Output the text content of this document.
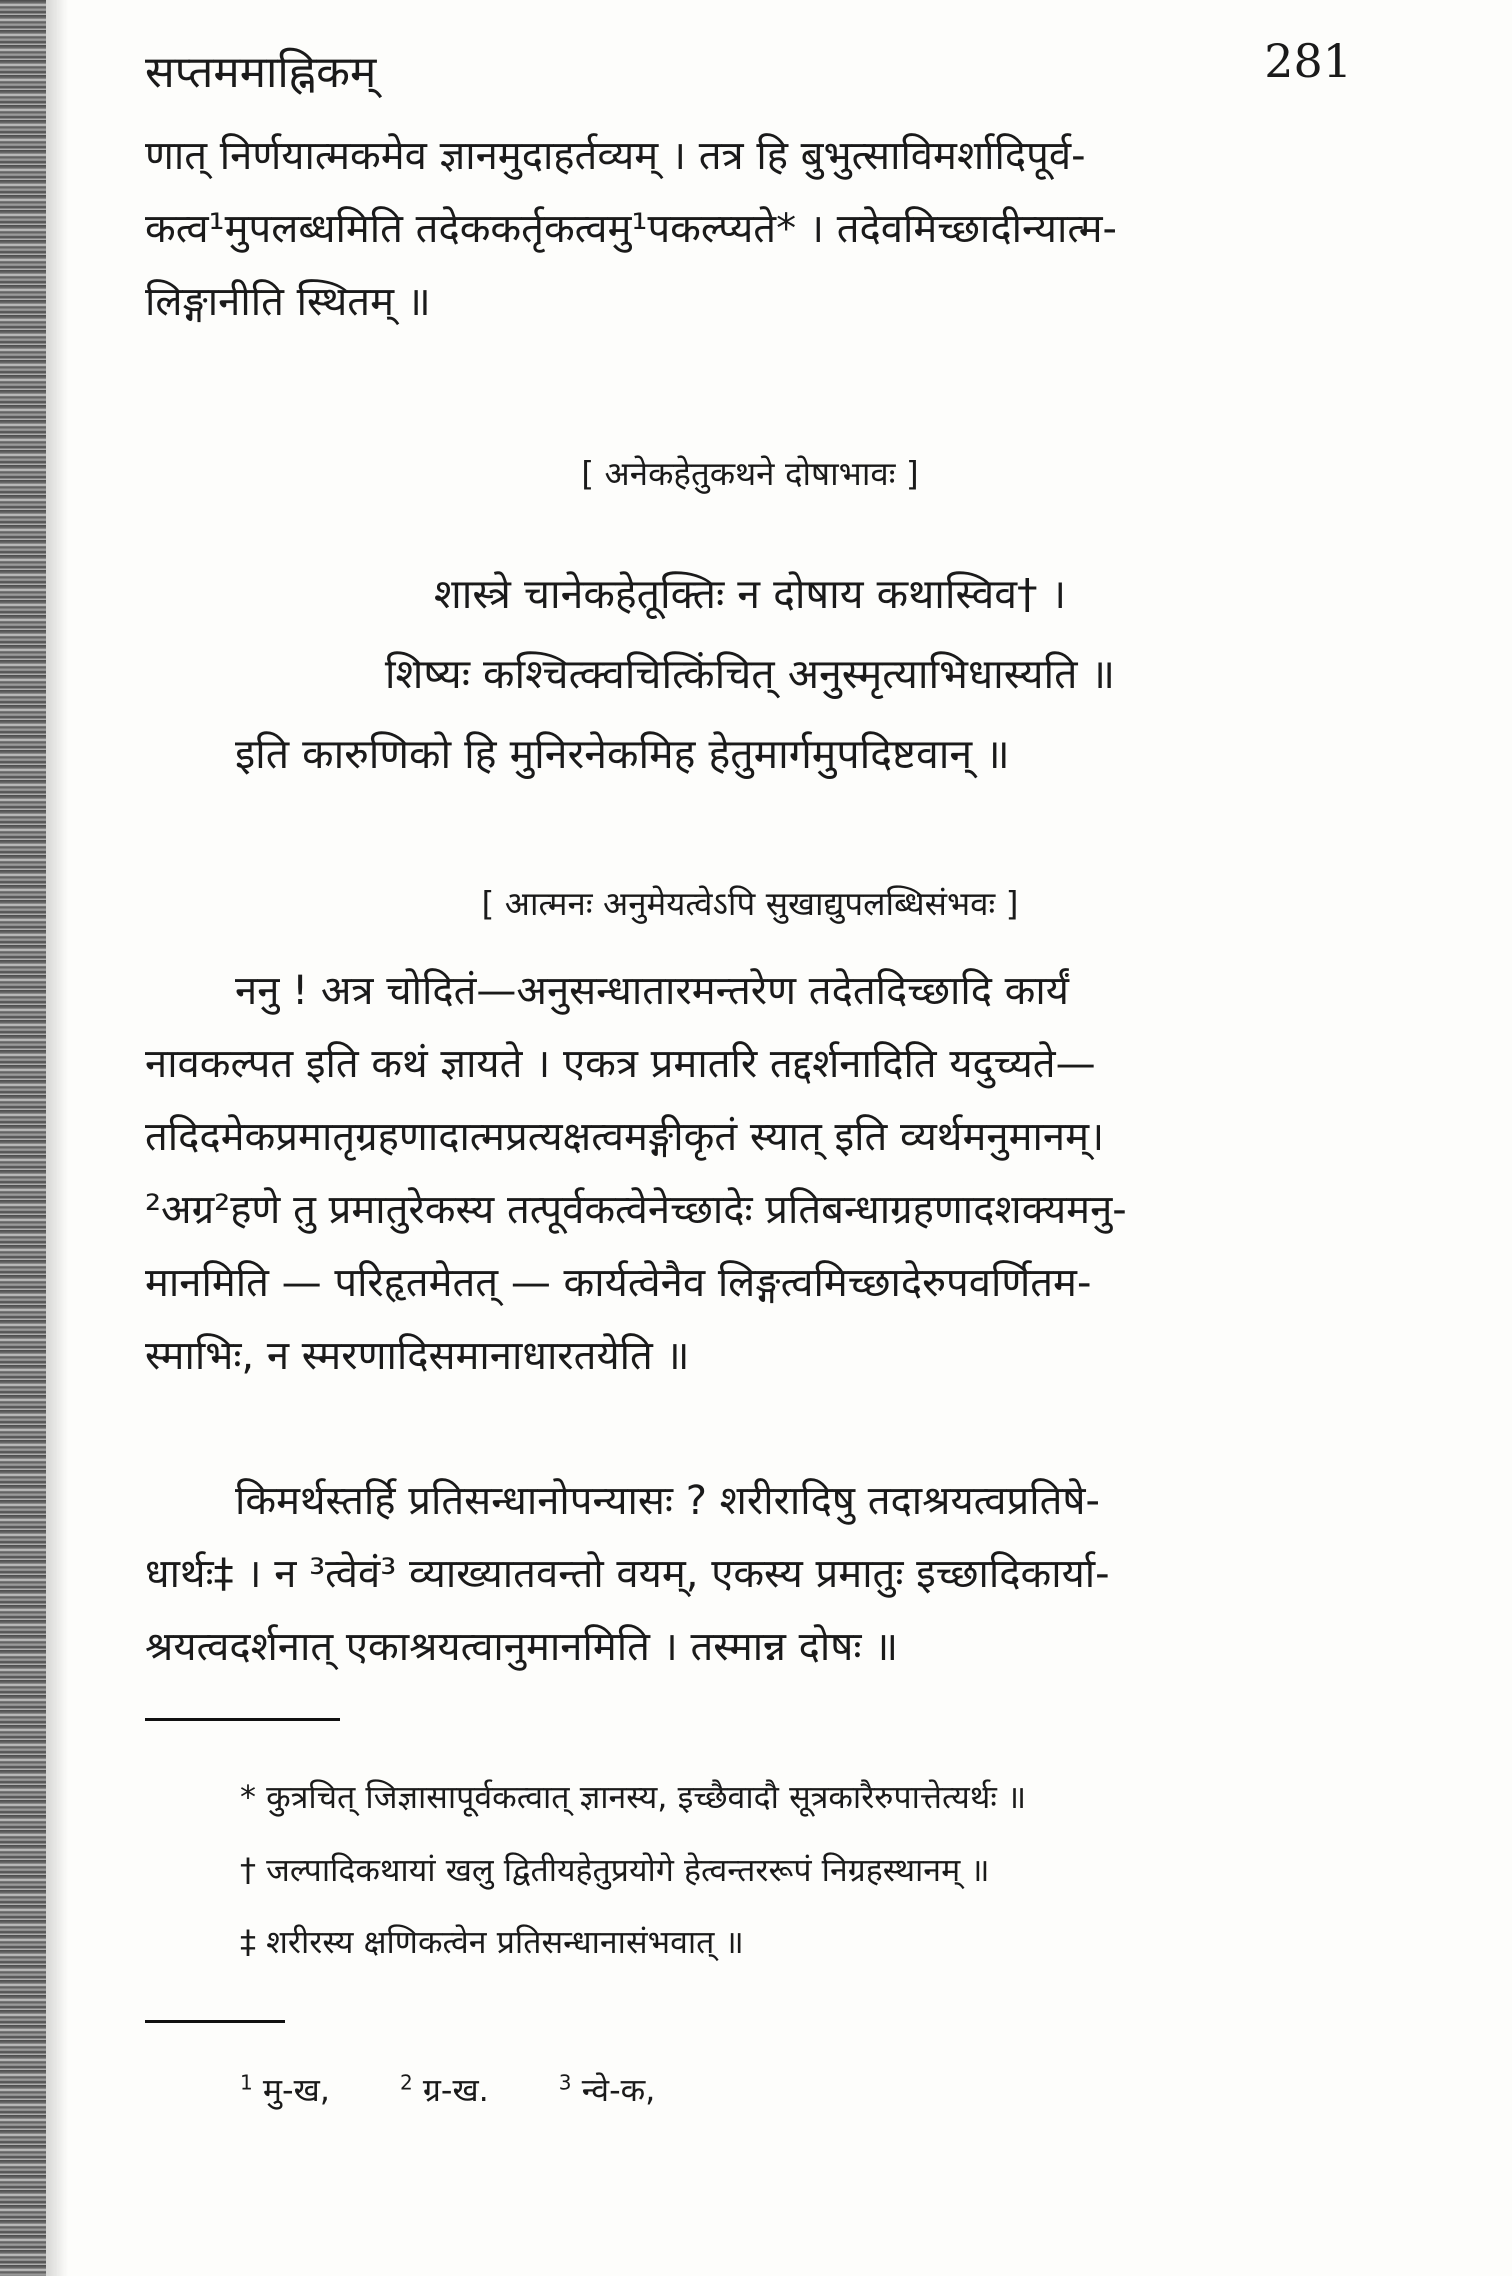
सप्तममाह्निकम्	281
णात् निर्णयात्मकमेव ज्ञानमुदाहर्तव्यम् । तत्र हि बुभुत्साविमर्शादिपूर्व-
कत्व¹मुपलब्धमिति तदेककर्तृकत्वमु¹पकल्प्यते* । तदेवमिच्छादीन्यात्म-
लिङ्गानीति स्थितम् ॥
[ अनेकहेतुकथने दोषाभावः ]
शास्त्रे चानेकहेतूक्तिः न दोषाय कथास्विव† ।
शिष्यः कश्चित्क्वचित्किंचित् अनुस्मृत्याभिधास्यति ॥
इति कारुणिको हि मुनिरनेकमिह हेतुमार्गमुपदिष्टवान् ॥
[ आत्मनः अनुमेयत्वेऽपि सुखाद्युपलब्धिसंभवः ]
ननु ! अत्र चोदितं—अनुसन्धातारमन्तरेण तदेतदिच्छादि कार्यं
नावकल्पत इति कथं ज्ञायते । एकत्र प्रमातरि तद्दर्शनादिति यदुच्यते—
तदिदमेकप्रमातृग्रहणादात्मप्रत्यक्षत्वमङ्गीकृतं स्यात् इति व्यर्थमनुमानम्।
²अग्र²हणे तु प्रमातुरेकस्य तत्पूर्वकत्वेनेच्छादेः प्रतिबन्धाग्रहणादशक्यमनु-
मानमिति — परिहृतमेतत् — कार्यत्वेनैव लिङ्गत्वमिच्छादेरुपवर्णितम-
स्माभिः, न स्मरणादिसमानाधारतयेति ॥
किमर्थस्तर्हि प्रतिसन्धानोपन्यासः ? शरीरादिषु तदाश्रयत्वप्रतिषे-
धार्थः‡ । न ³त्वेवं³ व्याख्यातवन्तो वयम्, एकस्य प्रमातुः इच्छादिकार्या-
श्रयत्वदर्शनात् एकाश्रयत्वानुमानमिति । तस्मान्न दोषः ॥
* कुत्रचित् जिज्ञासापूर्वकत्वात् ज्ञानस्य, इच्छैवादौ सूत्रकारैरुपात्तेत्यर्थः ॥
† जल्पादिकथायां खलु द्वितीयहेतुप्रयोगे हेत्वन्तररूपं निग्रहस्थानम् ॥
‡ शरीरस्य क्षणिकत्वेन प्रतिसन्धानासंभवात् ॥
$^1$ मु-ख,	$^2$ ग्र-ख.	$^3$ न्वे-क,
